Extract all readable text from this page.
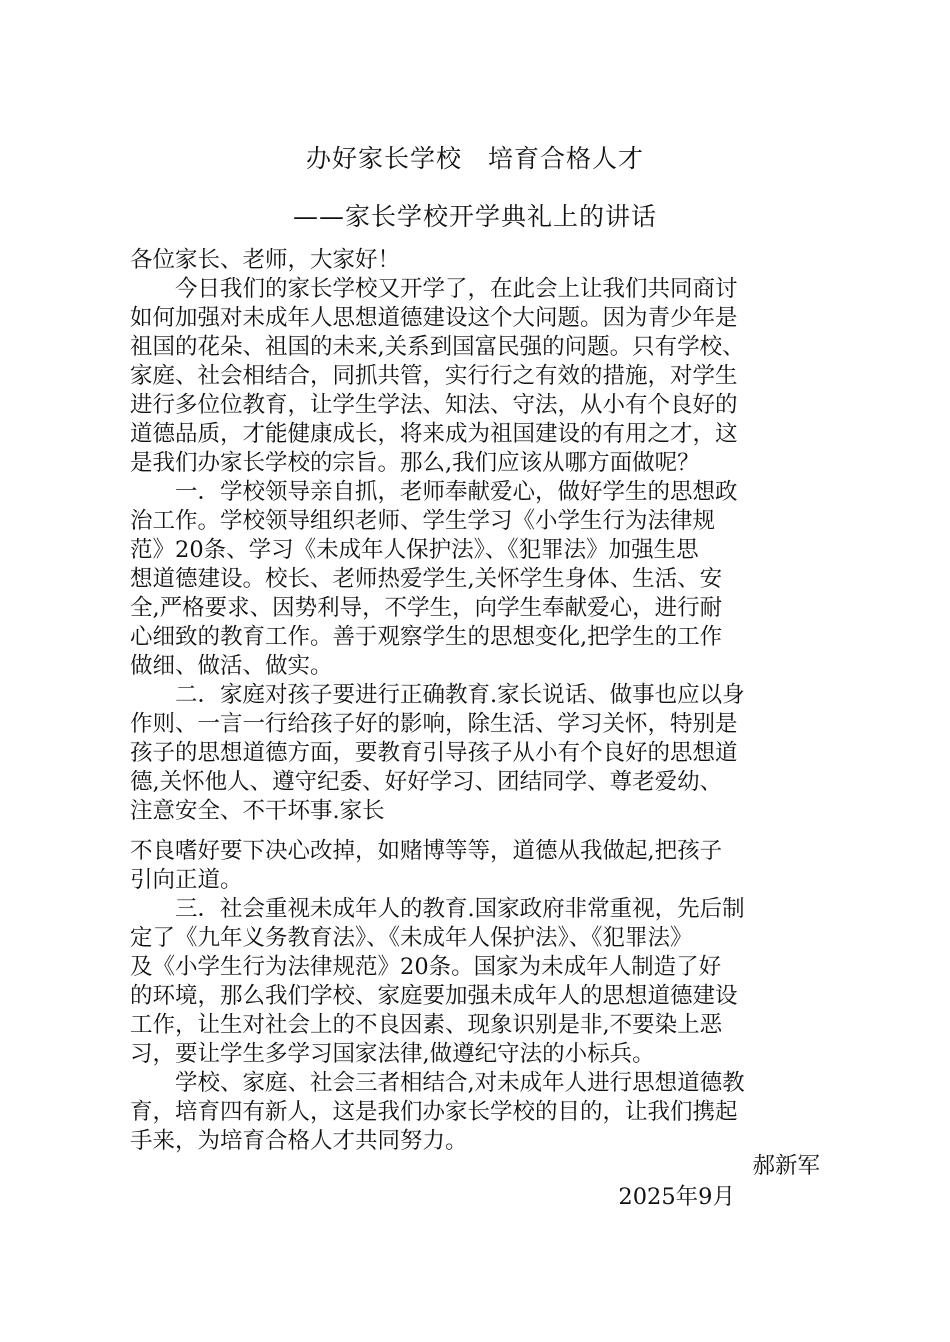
办好家长学校　培育合格人才
——家长学校开学典礼上的讲话
各位家长、老师，大家好！
　　今日我们的家长学校又开学了，在此会上让我们共同商讨
如何加强对未成年人思想道德建设这个大问题。因为青少年是
祖国的花朵、祖国的未来,关系到国富民强的问题。只有学校、
家庭、社会相结合，同抓共管，实行行之有效的措施，对学生
进行多位位教育，让学生学法、知法、守法，从小有个良好的
道德品质，才能健康成长，将来成为祖国建设的有用之才，这
是我们办家长学校的宗旨。那么,我们应该从哪方面做呢？
　　一．学校领导亲自抓，老师奉献爱心，做好学生的思想政
治工作。学校领导组织老师、学生学习《小学生行为法律规
范》20条、学习《未成年人保护法》、《犯罪法》加强生思
想道德建设。校长、老师热爱学生,关怀学生身体、生活、安
全,严格要求、因势利导，不学生，向学生奉献爱心，进行耐
心细致的教育工作。善于观察学生的思想变化,把学生的工作
做细、做活、做实。
　　二．家庭对孩子要进行正确教育.家长说话、做事也应以身
作则、一言一行给孩子好的影响，除生活、学习关怀，特别是
孩子的思想道德方面，要教育引导孩子从小有个良好的思想道
德,关怀他人、遵守纪委、好好学习、团结同学、尊老爱幼、
注意安全、不干坏事.家长
不良嗜好要下决心改掉，如赌博等等，道德从我做起,把孩子
引向正道。
　　三．社会重视未成年人的教育.国家政府非常重视，先后制
定了《九年义务教育法》、《未成年人保护法》、《犯罪法》
及《小学生行为法律规范》20条。国家为未成年人制造了好
的环境，那么我们学校、家庭要加强未成年人的思想道德建设
工作，让生对社会上的不良因素、现象识别是非,不要染上恶
习，要让学生多学习国家法律,做遵纪守法的小标兵。
　　学校、家庭、社会三者相结合,对未成年人进行思想道德教
育，培育四有新人，这是我们办家长学校的目的，让我们携起
手来，为培育合格人才共同努力。
郝新军
2025年9月
